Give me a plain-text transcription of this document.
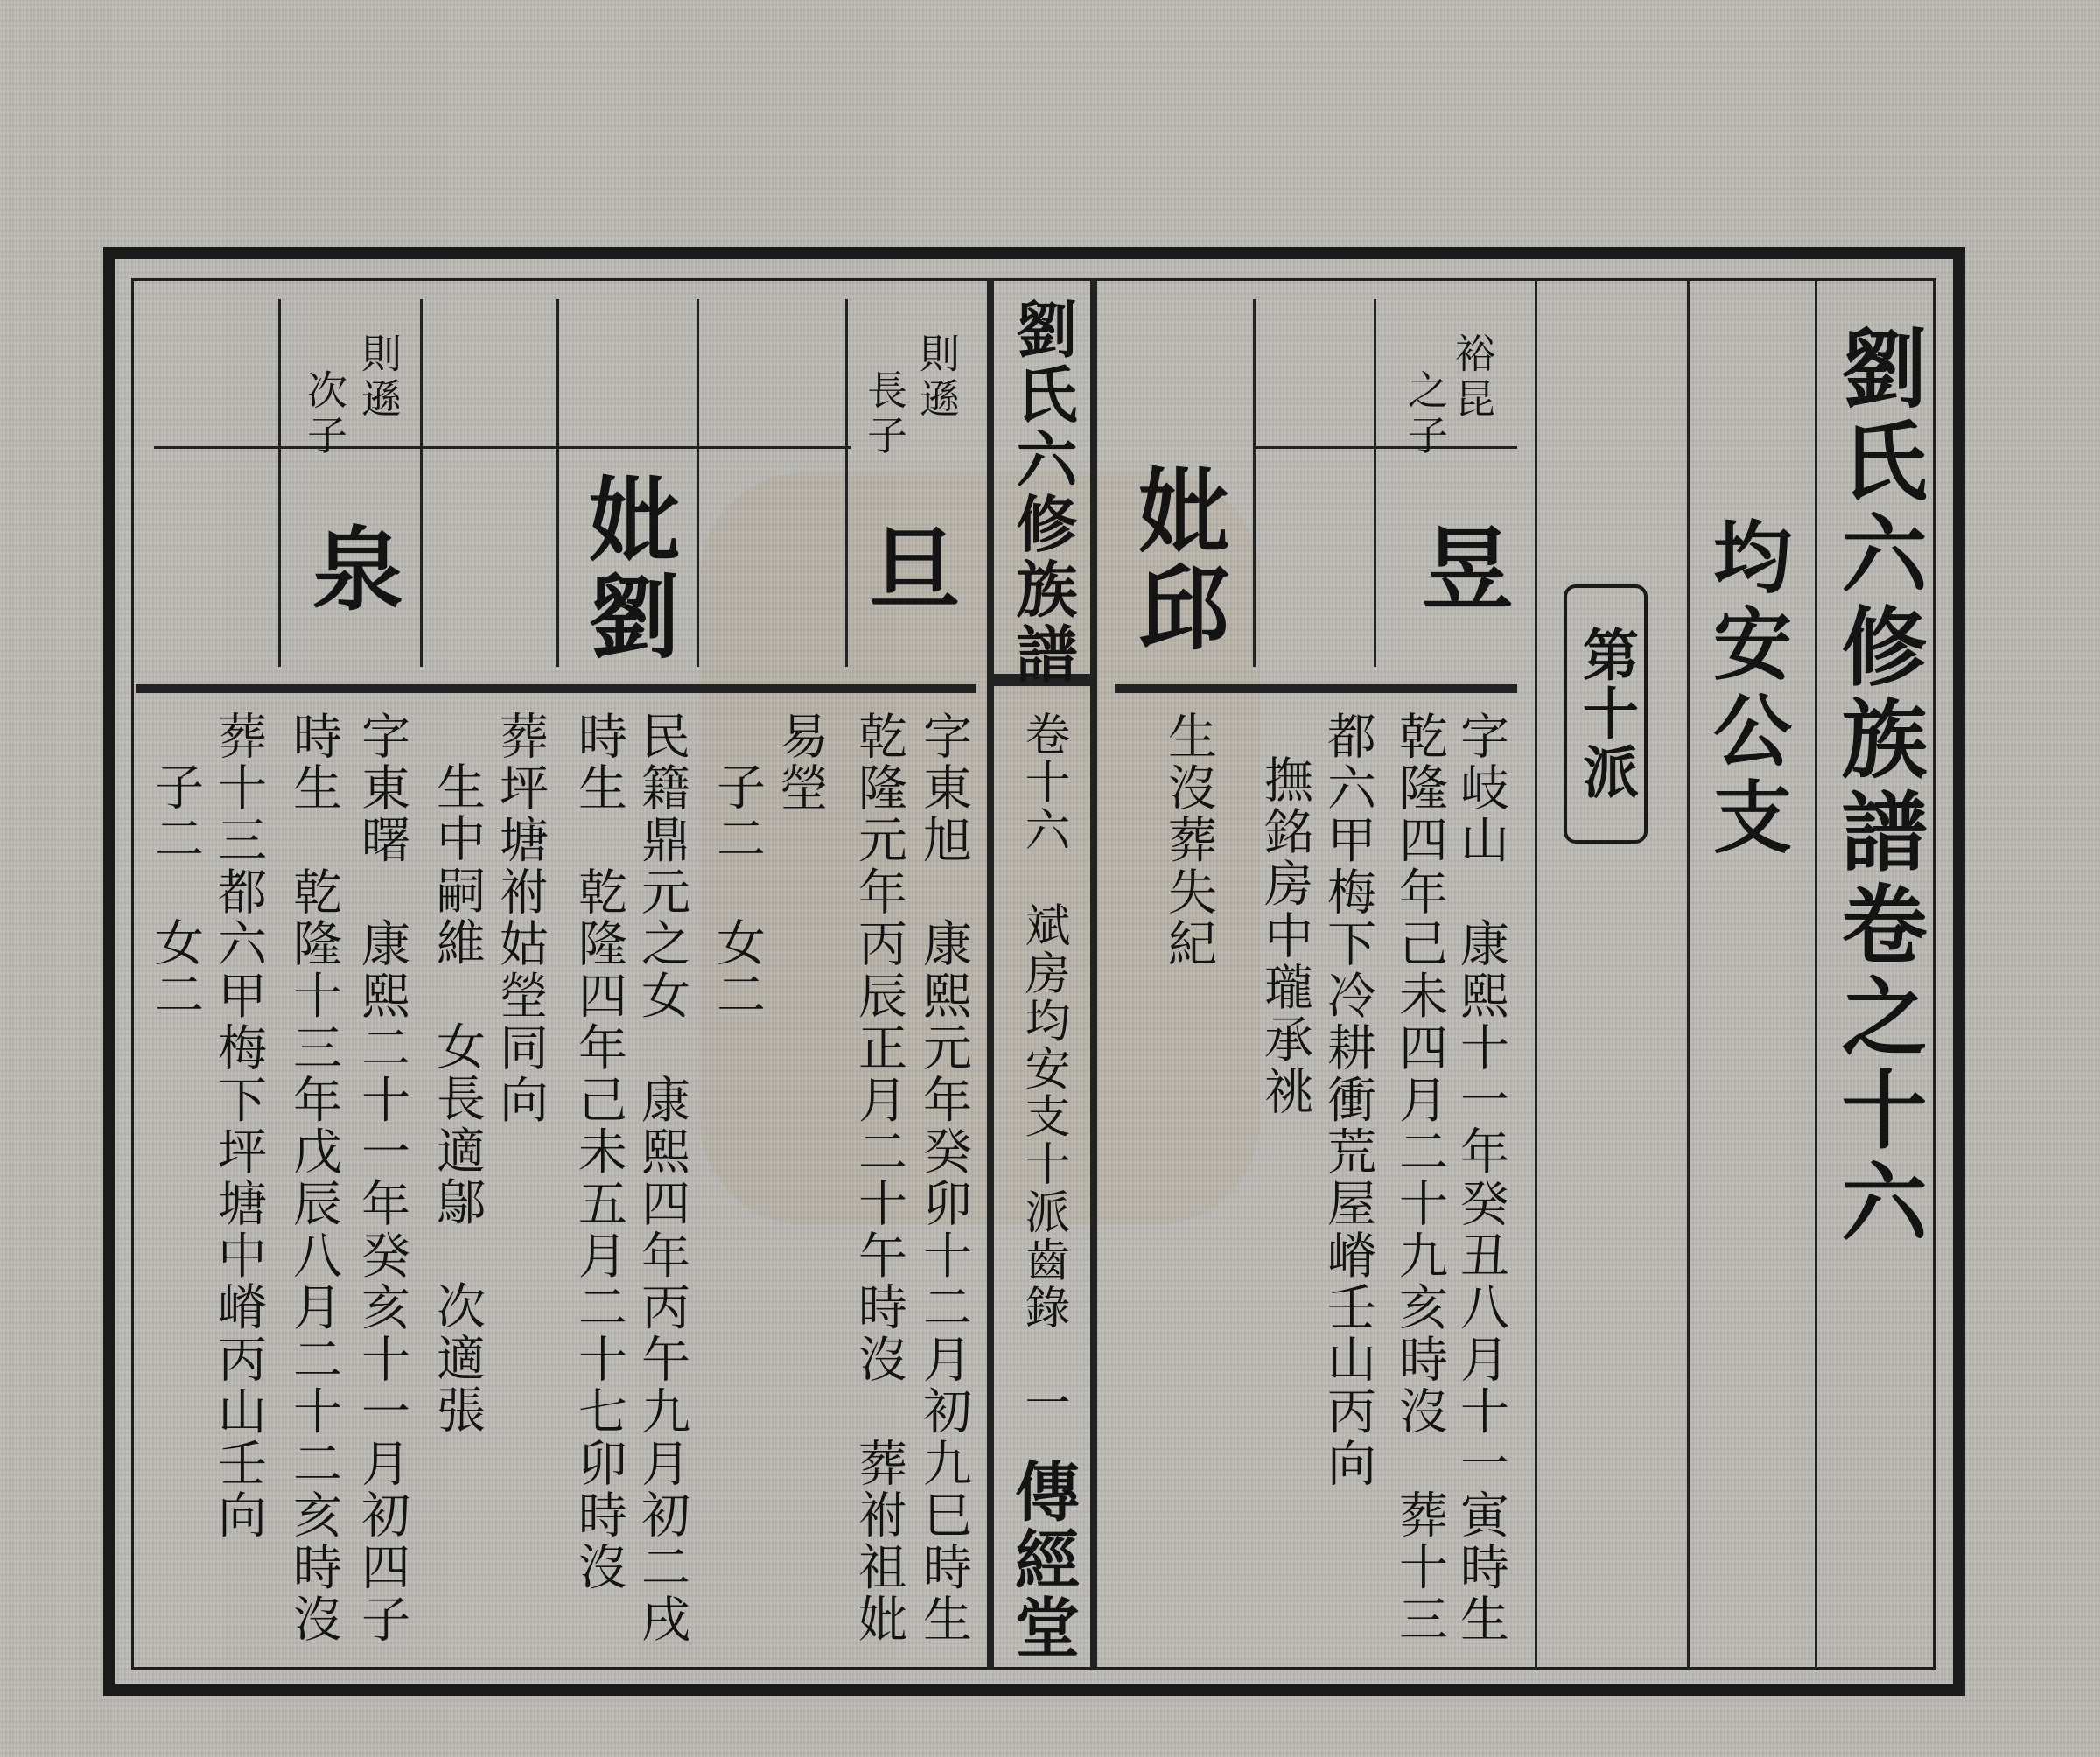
劉氏六修族譜卷之十六
均安公支
第十派
裕昆
之子
昱
字岐山　康熙十一年癸丑八月十一寅時生
乾隆四年己未四月二十九亥時沒　葬十三
都六甲梅下冷耕衝荒屋嵴壬山丙向
撫銘房中瓏承祧
妣邱
生沒葬失紀
劉氏六修族譜
卷十六　斌房均安支十派齒錄　一
傳經堂
則遜
長子
旦
字東旭　康熙元年癸卯十二月初九巳時生
乾隆元年丙辰正月二十午時沒　葬祔祖妣
易塋
子二　女二
妣劉
民籍鼎元之女　康熙四年丙午九月初二戌
時生　乾隆四年己未五月二十七卯時沒
葬坪塘祔姑塋同向
生中嗣維　女長適鄔　次適張
則遜
次子
泉
字東曙　康熙二十一年癸亥十一月初四子
時生　乾隆十三年戊辰八月二十二亥時沒
葬十三都六甲梅下坪塘中嵴丙山壬向
子二　女二
